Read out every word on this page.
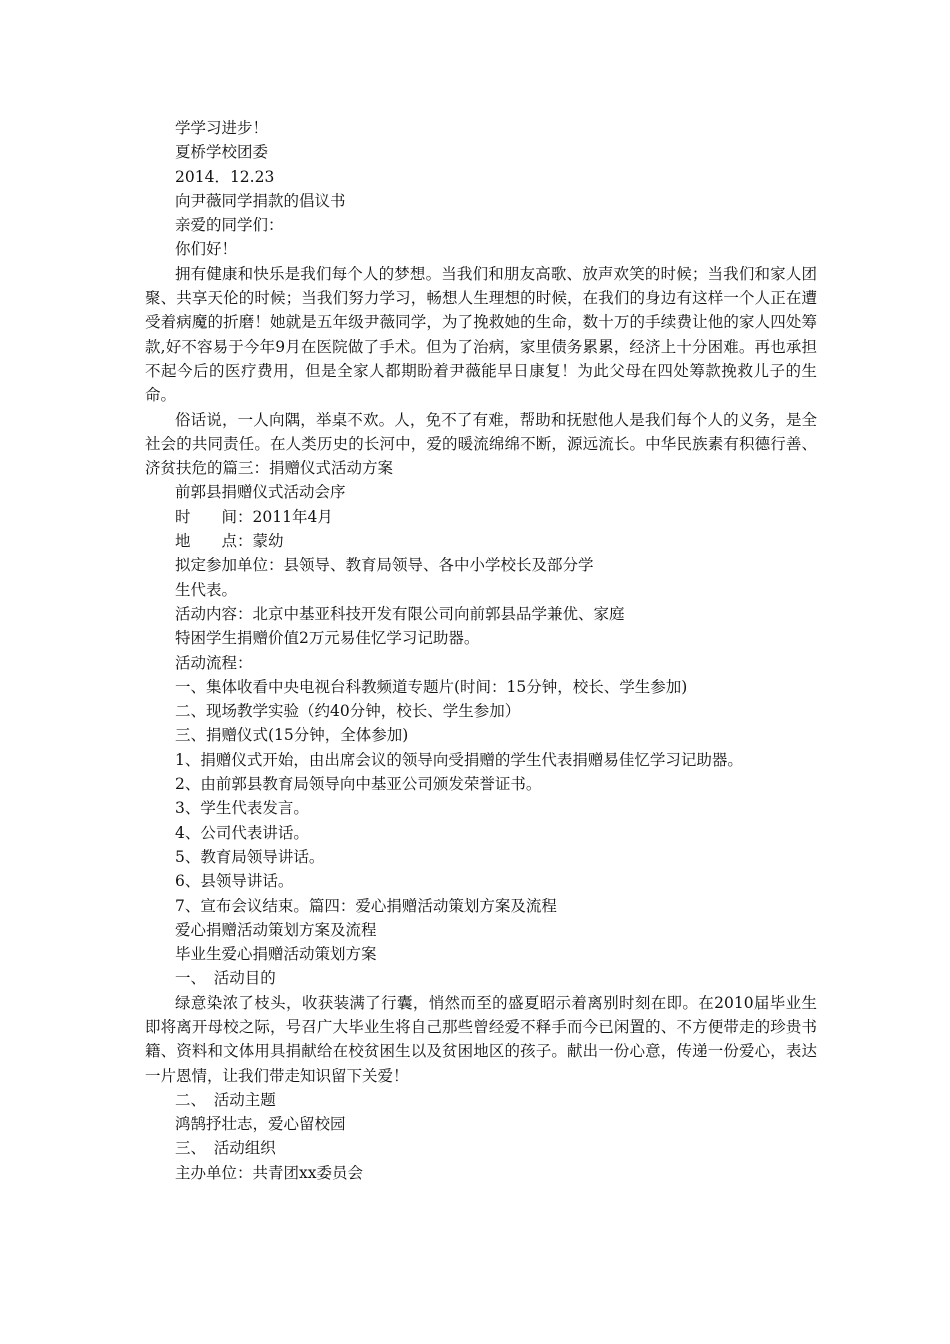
学学习进步！

夏桥学校团委

2014．12.23

向尹薇同学捐款的倡议书

亲爱的同学们：

你们好！

拥有健康和快乐是我们每个人的梦想。当我们和朋友高歌、放声欢笑的时候；当我们和家人团聚、共享天伦的时候；当我们努力学习，畅想人生理想的时候，在我们的身边有这样一个人正在遭受着病魔的折磨！她就是五年级尹薇同学，为了挽救她的生命，数十万的手续费让他的家人四处筹款,好不容易于今年9月在医院做了手术。但为了治病，家里债务累累，经济上十分困难。再也承担不起今后的医疗费用，但是全家人都期盼着尹薇能早日康复！为此父母在四处筹款挽救儿子的生命。

俗话说，一人向隅，举桌不欢。人，免不了有难，帮助和抚慰他人是我们每个人的义务，是全社会的共同责任。在人类历史的长河中，爱的暖流绵绵不断，源远流长。中华民族素有积德行善、济贫扶危的篇三：捐赠仪式活动方案

前郭县捐赠仪式活动会序

时　　间：2011年4月

地　　点：蒙幼

拟定参加单位：县领导、教育局领导、各中小学校长及部分学

生代表。

活动内容：北京中基亚科技开发有限公司向前郭县品学兼优、家庭

特困学生捐赠价值2万元易佳忆学习记助器。

活动流程：

一、集体收看中央电视台科教频道专题片(时间：15分钟，校长、学生参加)

二、现场教学实验（约40分钟，校长、学生参加）

三、捐赠仪式(15分钟，全体参加)

1、捐赠仪式开始，由出席会议的领导向受捐赠的学生代表捐赠易佳忆学习记助器。

2、由前郭县教育局领导向中基亚公司颁发荣誉证书。

3、学生代表发言。

4、公司代表讲话。

5、教育局领导讲话。

6、县领导讲话。

7、宣布会议结束。篇四：爱心捐赠活动策划方案及流程

爱心捐赠活动策划方案及流程

毕业生爱心捐赠活动策划方案

一、　活动目的

绿意染浓了枝头，收获装满了行囊，悄然而至的盛夏昭示着离别时刻在即。在2010届毕业生即将离开母校之际，号召广大毕业生将自己那些曾经爱不释手而今已闲置的、不方便带走的珍贵书籍、资料和文体用具捐献给在校贫困生以及贫困地区的孩子。献出一份心意，传递一份爱心，表达一片恩情，让我们带走知识留下关爱！

二、　活动主题

鸿鹄抒壮志，爱心留校园

三、　活动组织

主办单位：共青团xx委员会
